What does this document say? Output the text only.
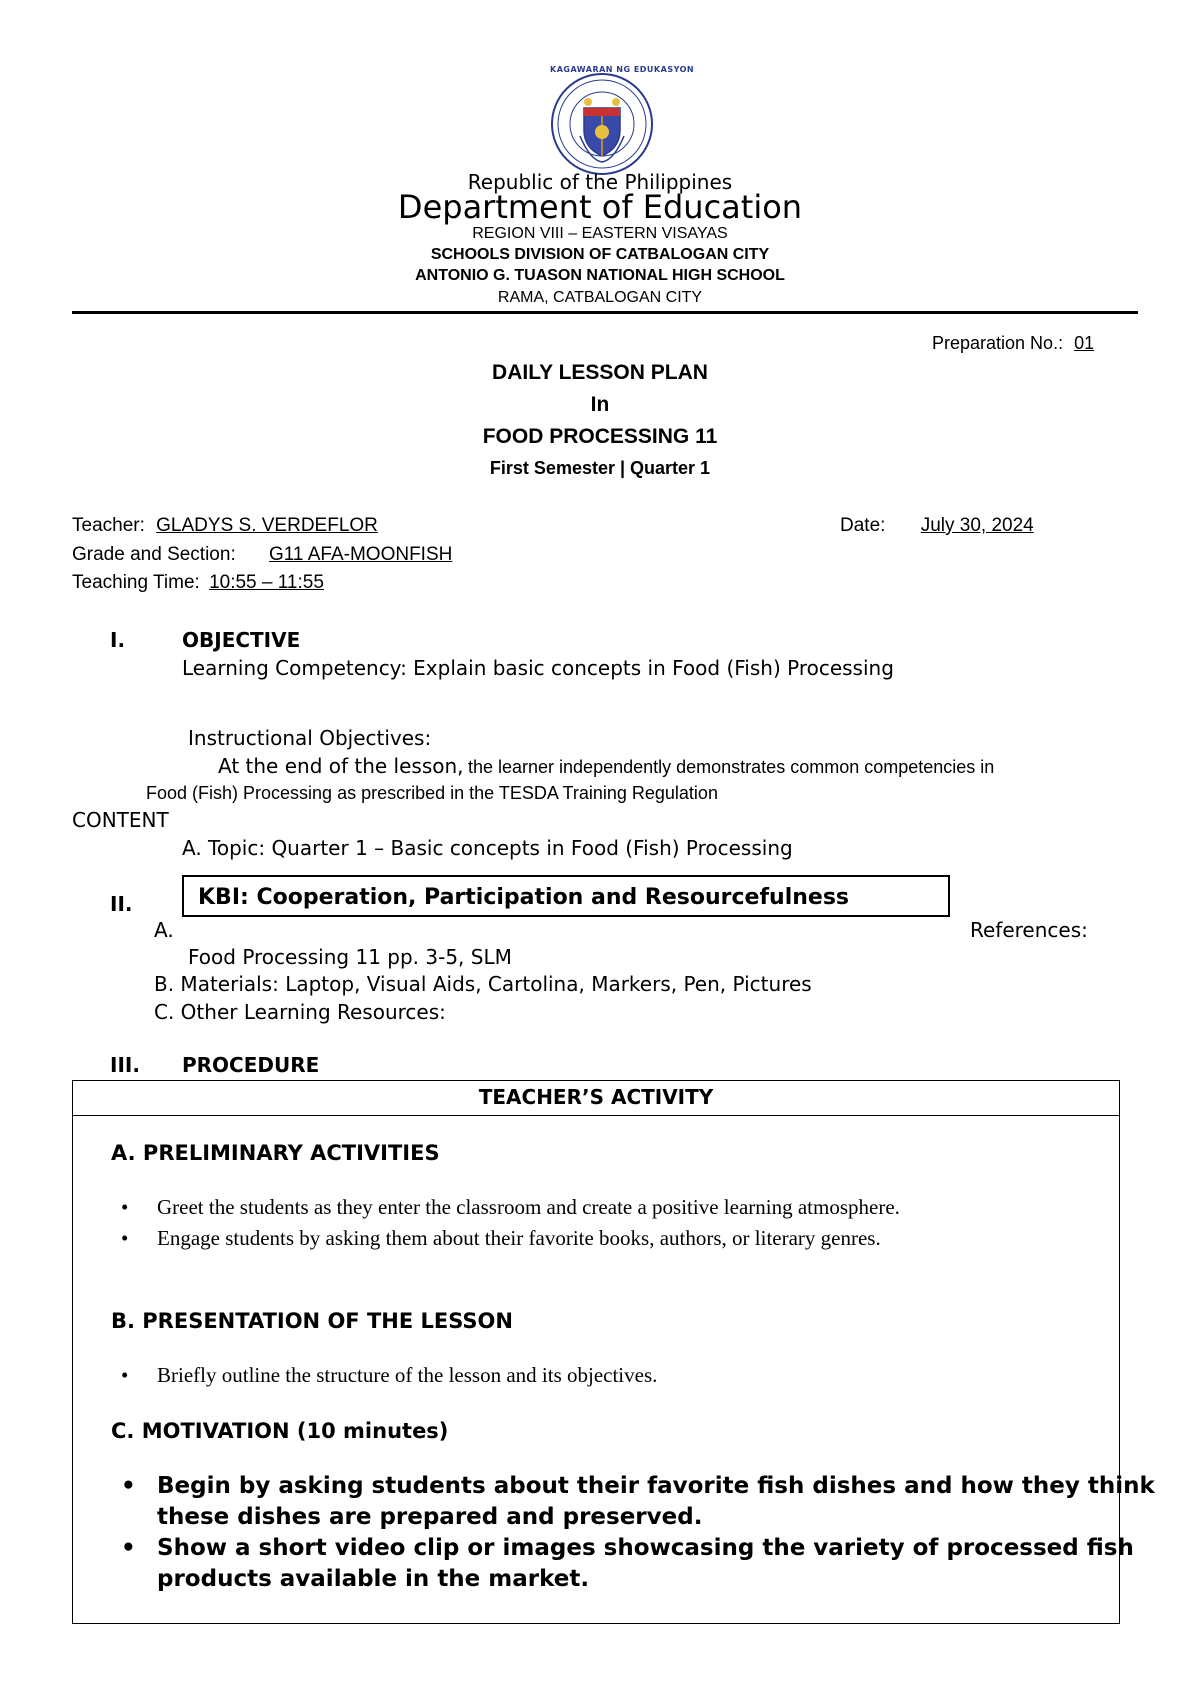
KAGAWARAN NG EDUKASYON
Republic of the Philippines
Department of Education
REGION VIII – EASTERN VISAYAS
SCHOOLS DIVISION OF CATBALOGAN CITY
ANTONIO G. TUASON NATIONAL HIGH SCHOOL
RAMA, CATBALOGAN CITY
Preparation No.: 01
DAILY LESSON PLAN
In
FOOD PROCESSING 11
First Semester | Quarter 1
Teacher: GLADYS S. VERDEFLOR	Date: July 30, 2024
Grade and Section: G11 AFA-MOONFISH
Teaching Time: 10:55 – 11:55
I.	OBJECTIVE
Learning Competency: Explain basic concepts in Food (Fish) Processing
Instructional Objectives:
At the end of the lesson, the learner independently demonstrates common competencies in
Food (Fish) Processing as prescribed in the TESDA Training Regulation
CONTENT
A. Topic: Quarter 1 – Basic concepts in Food (Fish) Processing
KBI: Cooperation, Participation and Resourcefulness
II.
A.	References:
Food Processing 11 pp. 3-5, SLM
B. Materials: Laptop, Visual Aids, Cartolina, Markers, Pen, Pictures
C. Other Learning Resources:
III. PROCEDURE
TEACHER’S ACTIVITY
A. PRELIMINARY ACTIVITIES
• Greet the students as they enter the classroom and create a positive learning atmosphere.
• Engage students by asking them about their favorite books, authors, or literary genres.
B. PRESENTATION OF THE LESSON
• Briefly outline the structure of the lesson and its objectives.
C. MOTIVATION (10 minutes)
• Begin by asking students about their favorite fish dishes and how they think
these dishes are prepared and preserved.
• Show a short video clip or images showcasing the variety of processed fish
products available in the market.
